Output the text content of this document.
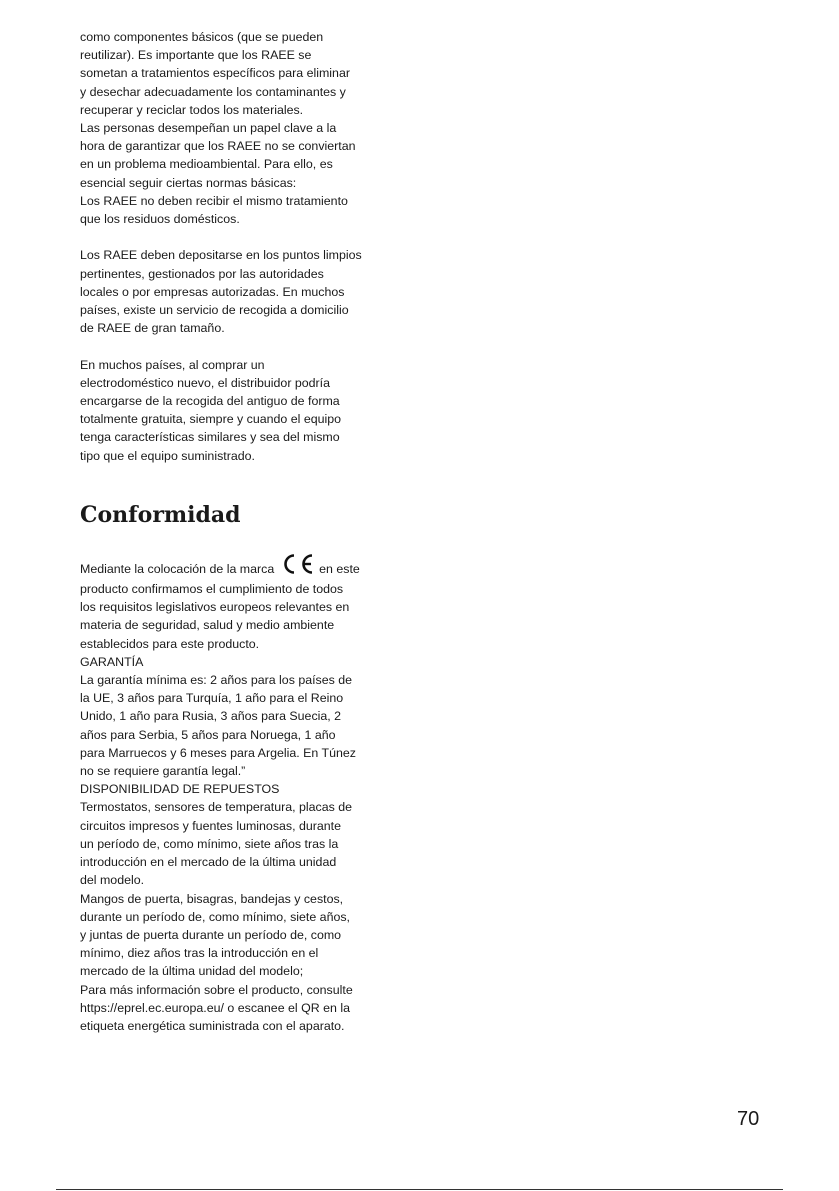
como componentes básicos (que se pueden
reutilizar). Es importante que los RAEE se
sometan a tratamientos específicos para eliminar
y desechar adecuadamente los contaminantes y
recuperar y reciclar todos los materiales.
Las personas desempeñan un papel clave a la
hora de garantizar que los RAEE no se conviertan
en un problema medioambiental. Para ello, es
esencial seguir ciertas normas básicas:
Los RAEE no deben recibir el mismo tratamiento
que los residuos domésticos.
Los RAEE deben depositarse en los puntos limpios
pertinentes, gestionados por las autoridades
locales o por empresas autorizadas. En muchos
países, existe un servicio de recogida a domicilio
de RAEE de gran tamaño.
En muchos países, al comprar un
electrodoméstico nuevo, el distribuidor podría
encargarse de la recogida del antiguo de forma
totalmente gratuita, siempre y cuando el equipo
tenga características similares y sea del mismo
tipo que el equipo suministrado.
Conformidad
Mediante la colocación de la marca	en este
producto confirmamos el cumplimiento de todos
los requisitos legislativos europeos relevantes en
materia de seguridad, salud y medio ambiente
establecidos para este producto.
GARANTÍA
La garantía mínima es: 2 años para los países de
la UE, 3 años para Turquía, 1 año para el Reino
Unido, 1 año para Rusia, 3 años para Suecia, 2
años para Serbia, 5 años para Noruega, 1 año
para Marruecos y 6 meses para Argelia. En Túnez
no se requiere garantía legal.”
DISPONIBILIDAD DE REPUESTOS
Termostatos, sensores de temperatura, placas de
circuitos impresos y fuentes luminosas, durante
un período de, como mínimo, siete años tras la
introducción en el mercado de la última unidad
del modelo.
Mangos de puerta, bisagras, bandejas y cestos,
durante un período de, como mínimo, siete años,
y juntas de puerta durante un período de, como
mínimo, diez años tras la introducción en el
mercado de la última unidad del modelo;
Para más información sobre el producto, consulte
https://eprel.ec.europa.eu/ o escanee el QR en la
etiqueta energética suministrada con el aparato.
70
